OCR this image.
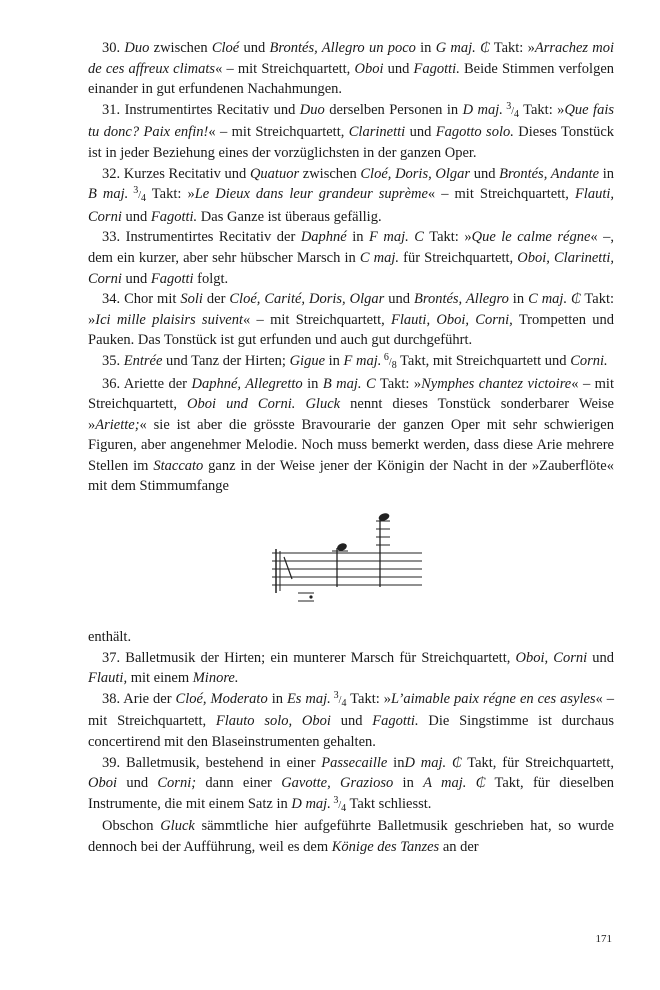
30. Duo zwischen Cloé und Brontés, Allegro un poco in G maj. ₵ Takt: »Arrachez moi de ces affreux climats« – mit Streichquartett, Oboi und Fagotti. Beide Stimmen verfolgen einander in gut erfundenen Nachahmungen.

31. Instrumentirtes Recitativ und Duo derselben Personen in D maj. 3/4 Takt: »Que fais tu donc? Paix enfin!« – mit Streichquartett, Clarinetti und Fagotto solo. Dieses Tonstück ist in jeder Beziehung eines der vorzüglichsten in der ganzen Oper.

32. Kurzes Recitativ und Quatuor zwischen Cloé, Doris, Olgar und Brontés, Andante in B maj. 3/4 Takt: »Le Dieux dans leur grandeur suprème« – mit Streichquartett, Flauti, Corni und Fagotti. Das Ganze ist überaus gefällig.

33. Instrumentirtes Recitativ der Daphné in F maj. C Takt: »Que le calme régne« –, dem ein kurzer, aber sehr hübscher Marsch in C maj. für Streichquartett, Oboi, Clarinetti, Corni und Fagotti folgt.

34. Chor mit Soli der Cloé, Carité, Doris, Olgar und Brontés, Allegro in C maj. ₵ Takt: »Ici mille plaisirs suivent« – mit Streichquartett, Flauti, Oboi, Corni, Trompetten und Pauken. Das Tonstück ist gut erfunden und auch gut durchgeführt.

35. Entrée und Tanz der Hirten; Gigue in F maj. 6/8 Takt, mit Streichquartett und Corni.

36. Ariette der Daphné, Allegretto in B maj. C Takt: »Nymphes chantez victoire« – mit Streichquartett, Oboi und Corni. Gluck nennt dieses Tonstück sonderbarer Weise »Ariette;« sie ist aber die grösste Bravourarie der ganzen Oper mit sehr schwierigen Figuren, aber angenehmer Melodie. Noch muss bemerkt werden, dass diese Arie mehrere Stellen im Staccato ganz in der Weise jener der Königin der Nacht in der »Zauberflöte« mit dem Stimmumfange

enthält.

37. Balletmusik der Hirten; ein munterer Marsch für Streichquartett, Oboi, Corni und Flauti, mit einem Minore.

38. Arie der Cloé, Moderato in Es maj. 3/4 Takt: »L’aimable paix régne en ces asyles« – mit Streichquartett, Flauto solo, Oboi und Fagotti. Die Singstimme ist durchaus concertirend mit den Blaseinstrumenten gehalten.

39. Balletmusik, bestehend in einer Passecaille inD maj. ₵ Takt, für Streichquartett, Oboi und Corni; dann einer Gavotte, Grazioso in A maj. ₵ Takt, für dieselben Instrumente, die mit einem Satz in D maj. 3/4 Takt schliesst.

Obschon Gluck sämmtliche hier aufgeführte Balletmusik geschrieben hat, so wurde dennoch bei der Aufführung, weil es dem Könige des Tanzes an der

171
